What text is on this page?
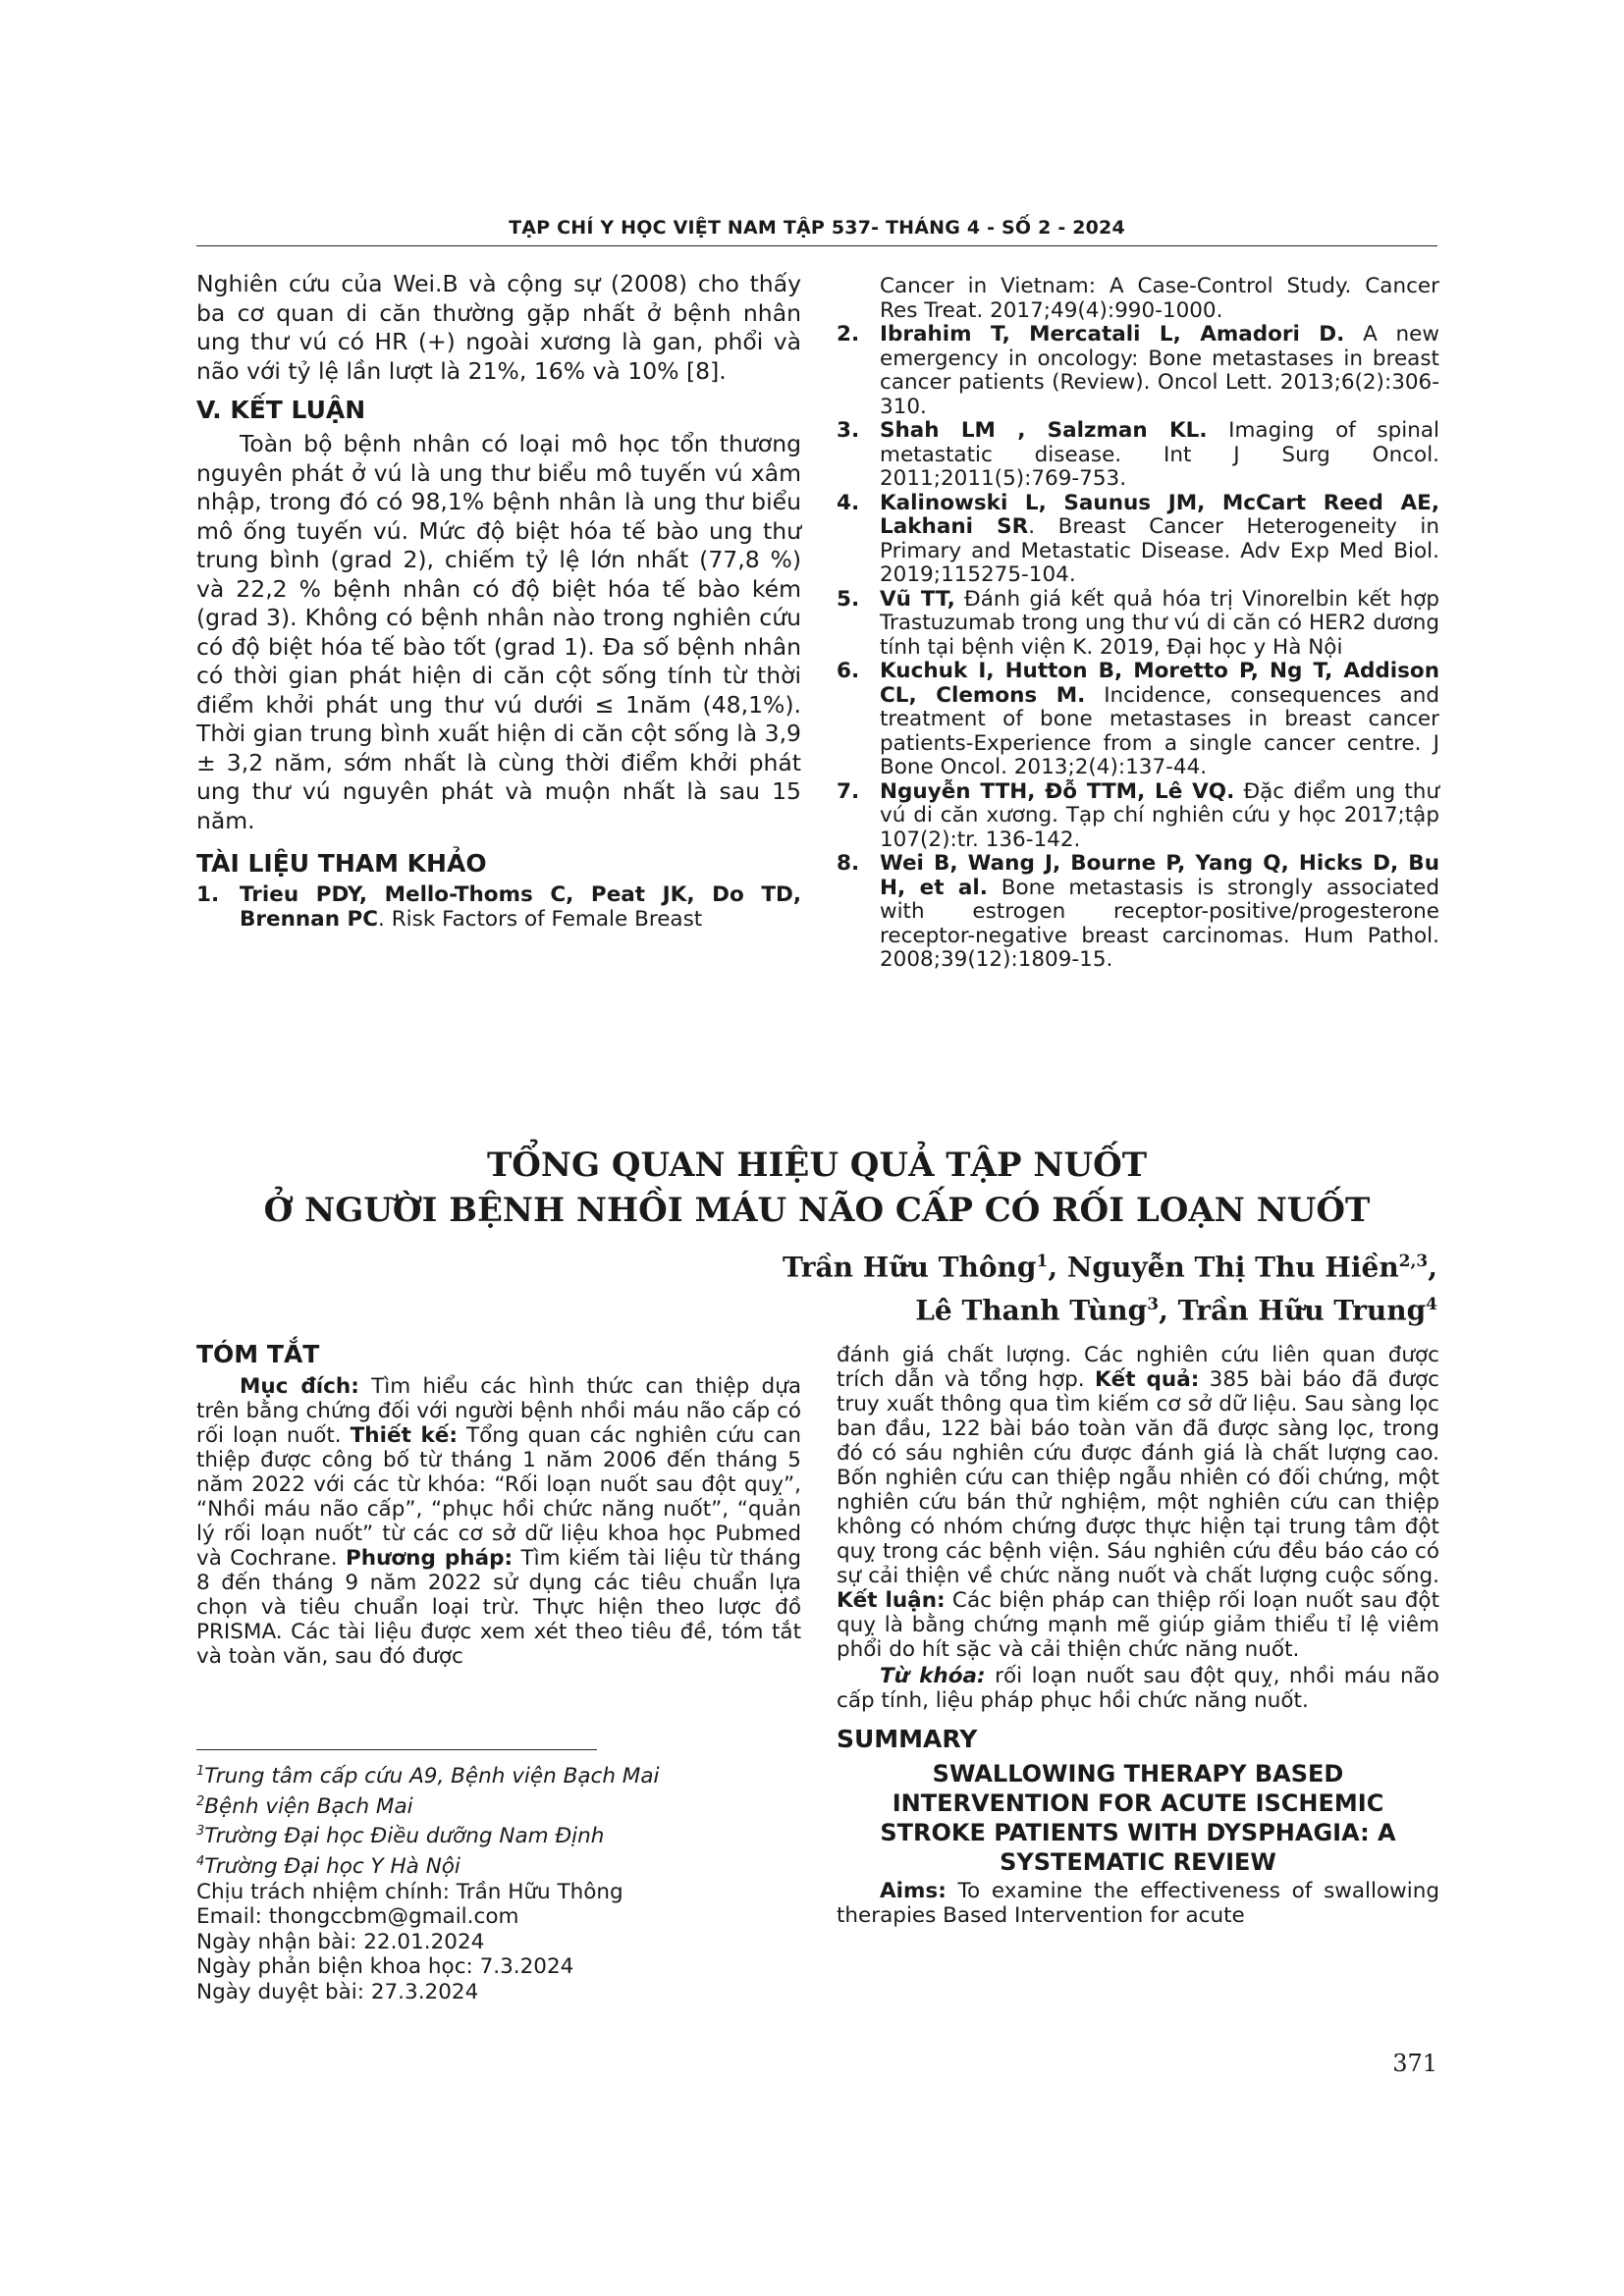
TẠP CHÍ Y HỌC VIỆT NAM TẬP 537- THÁNG 4 - SỐ 2 - 2024

Nghiên cứu của Wei.B và cộng sự (2008) cho thấy ba cơ quan di căn thường gặp nhất ở bệnh nhân ung thư vú có HR (+) ngoài xương là gan, phổi và não với tỷ lệ lần lượt là 21%, 16% và 10% [8].

V. KẾT LUẬN

Toàn bộ bệnh nhân có loại mô học tổn thương nguyên phát ở vú là ung thư biểu mô tuyến vú xâm nhập, trong đó có 98,1% bệnh nhân là ung thư biểu mô ống tuyến vú. Mức độ biệt hóa tế bào ung thư trung bình (grad 2), chiếm tỷ lệ lớn nhất (77,8 %) và 22,2 % bệnh nhân có độ biệt hóa tế bào kém (grad 3). Không có bệnh nhân nào trong nghiên cứu có độ biệt hóa tế bào tốt (grad 1). Đa số bệnh nhân có thời gian phát hiện di căn cột sống tính từ thời điểm khởi phát ung thư vú dưới ≤ 1năm (48,1%). Thời gian trung bình xuất hiện di căn cột sống là 3,9 ± 3,2 năm, sớm nhất là cùng thời điểm khởi phát ung thư vú nguyên phát và muộn nhất là sau 15 năm.

TÀI LIỆU THAM KHẢO
1. Trieu PDY, Mello-Thoms C, Peat JK, Do TD, Brennan PC. Risk Factors of Female Breast
Cancer in Vietnam: A Case-Control Study. Cancer Res Treat. 2017;49(4):990-1000.
2. Ibrahim T, Mercatali L, Amadori D. A new emergency in oncology: Bone metastases in breast cancer patients (Review). Oncol Lett. 2013;6(2):306-310.
3. Shah LM , Salzman KL. Imaging of spinal metastatic disease. Int J Surg Oncol. 2011;2011(5):769-753.
4. Kalinowski L, Saunus JM, McCart Reed AE, Lakhani SR. Breast Cancer Heterogeneity in Primary and Metastatic Disease. Adv Exp Med Biol. 2019;115275-104.
5. Vũ TT, Đánh giá kết quả hóa trị Vinorelbin kết hợp Trastuzumab trong ung thư vú di căn có HER2 dương tính tại bệnh viện K. 2019, Đại học y Hà Nội
6. Kuchuk I, Hutton B, Moretto P, Ng T, Addison CL, Clemons M. Incidence, consequences and treatment of bone metastases in breast cancer patients-Experience from a single cancer centre. J Bone Oncol. 2013;2(4):137-44.
7. Nguyễn TTH, Đỗ TTM, Lê VQ. Đặc điểm ung thư vú di căn xương. Tạp chí nghiên cứu y học 2017;tập 107(2):tr. 136-142.
8. Wei B, Wang J, Bourne P, Yang Q, Hicks D, Bu H, et al. Bone metastasis is strongly associated with estrogen receptor-positive/progesterone receptor-negative breast carcinomas. Hum Pathol. 2008;39(12):1809-15.
TỔNG QUAN HIỆU QUẢ TẬP NUỐT
Ở NGƯỜI BỆNH NHỒI MÁU NÃO CẤP CÓ RỐI LOẠN NUỐT
Trần Hữu Thông$^1$, Nguyễn Thị Thu Hiền$^{2,3}$,
Lê Thanh Tùng$^3$, Trần Hữu Trung$^4$
TÓM TẮT

Mục đích: Tìm hiểu các hình thức can thiệp dựa trên bằng chứng đối với người bệnh nhồi máu não cấp có rối loạn nuốt. Thiết kế: Tổng quan các nghiên cứu can thiệp được công bố từ tháng 1 năm 2006 đến tháng 5 năm 2022 với các từ khóa: “Rối loạn nuốt sau đột quỵ”, “Nhồi máu não cấp”, “phục hồi chức năng nuốt”, “quản lý rối loạn nuốt” từ các cơ sở dữ liệu khoa học Pubmed và Cochrane. Phương pháp: Tìm kiếm tài liệu từ tháng 8 đến tháng 9 năm 2022 sử dụng các tiêu chuẩn lựa chọn và tiêu chuẩn loại trừ. Thực hiện theo lược đồ PRISMA. Các tài liệu được xem xét theo tiêu đề, tóm tắt và toàn văn, sau đó được

$^1$Trung tâm cấp cứu A9, Bệnh viện Bạch Mai

$^2$Bệnh viện Bạch Mai

$^3$Trường Đại học Điều dưỡng Nam Định

$^4$Trường Đại học Y Hà Nội

Chịu trách nhiệm chính: Trần Hữu Thông

Email: thongccbm@gmail.com

Ngày nhận bài: 22.01.2024

Ngày phản biện khoa học: 7.3.2024

Ngày duyệt bài: 27.3.2024

đánh giá chất lượng. Các nghiên cứu liên quan được trích dẫn và tổng hợp. Kết quả: 385 bài báo đã được truy xuất thông qua tìm kiếm cơ sở dữ liệu. Sau sàng lọc ban đầu, 122 bài báo toàn văn đã được sàng lọc, trong đó có sáu nghiên cứu được đánh giá là chất lượng cao. Bốn nghiên cứu can thiệp ngẫu nhiên có đối chứng, một nghiên cứu bán thử nghiệm, một nghiên cứu can thiệp không có nhóm chứng được thực hiện tại trung tâm đột quỵ trong các bệnh viện. Sáu nghiên cứu đều báo cáo có sự cải thiện về chức năng nuốt và chất lượng cuộc sống. Kết luận: Các biện pháp can thiệp rối loạn nuốt sau đột quỵ là bằng chứng mạnh mẽ giúp giảm thiểu tỉ lệ viêm phổi do hít sặc và cải thiện chức năng nuốt.

Từ khóa: rối loạn nuốt sau đột quỵ, nhồi máu não cấp tính, liệu pháp phục hồi chức năng nuốt.

SUMMARY

SWALLOWING THERAPY BASED INTERVENTION FOR ACUTE ISCHEMIC STROKE PATIENTS WITH DYSPHAGIA: A SYSTEMATIC REVIEW

Aims: To examine the effectiveness of swallowing therapies Based Intervention for acute

371
